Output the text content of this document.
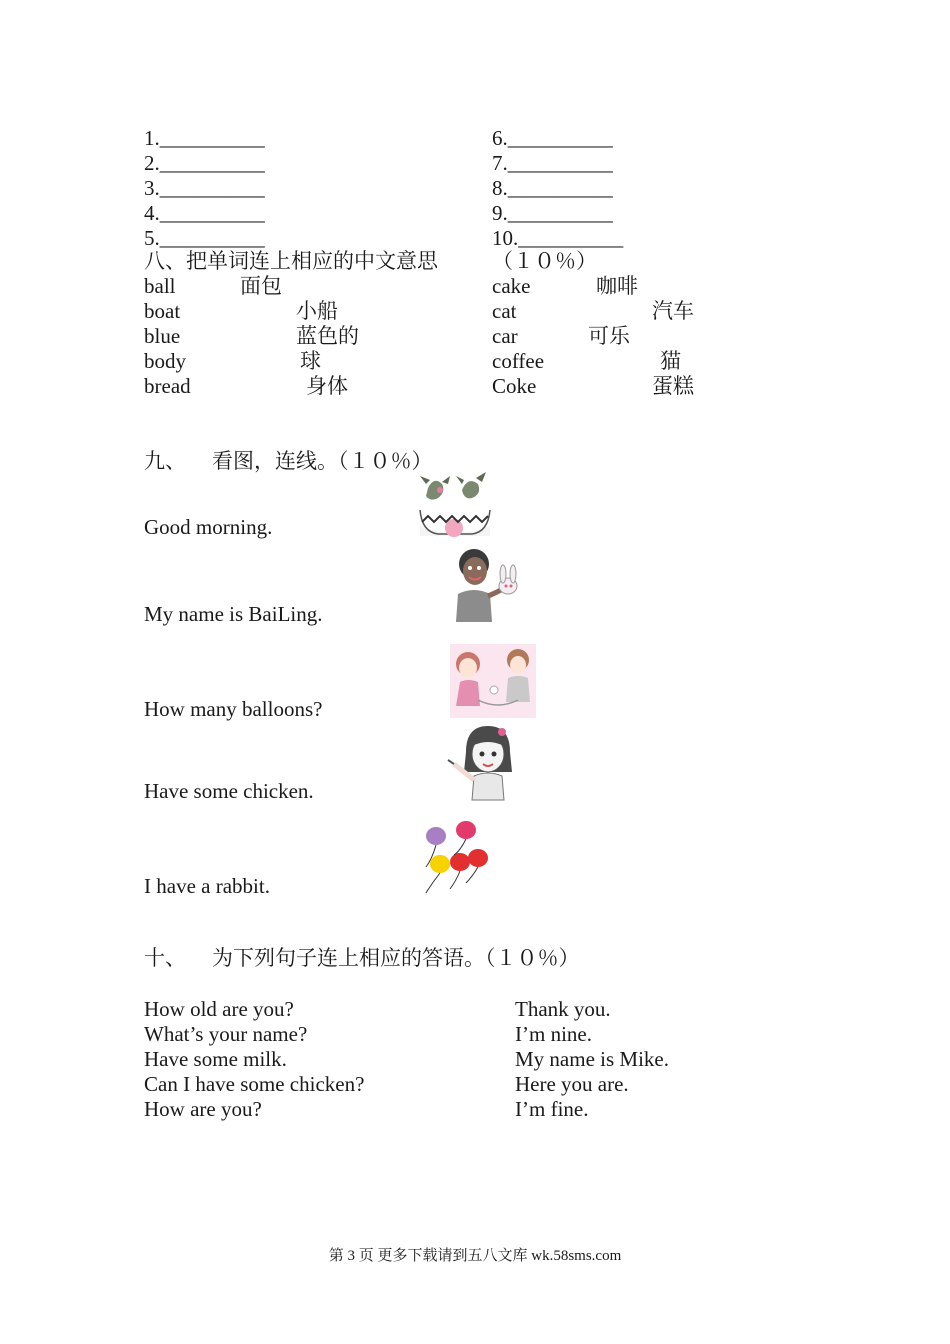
1.__________
2.__________
3.__________
4.__________
5.__________
6.__________
7.__________
8.__________
9.__________
10.__________
八、把单词连上相应的中文意思	（１０％）
ball
boat
blue
body
bread
面包
小船
蓝色的
球
身体
cake
cat
car
coffee
Coke
咖啡
汽车
可乐
猫
蛋糕
九、 看图，连线。（１０％）
Good morning.
My name is BaiLing.
How many balloons?
Have some chicken.
I have a rabbit.
十、 为下列句子连上相应的答语。（１０％）
How old are you?
What’s your name?
Have some milk.
Can I have some chicken?
How are you?
Thank you.
I’m nine.
My name is Mike.
Here you are.
I’m fine.
第 3 页 更多下载请到五八文库 wk.58sms.com
